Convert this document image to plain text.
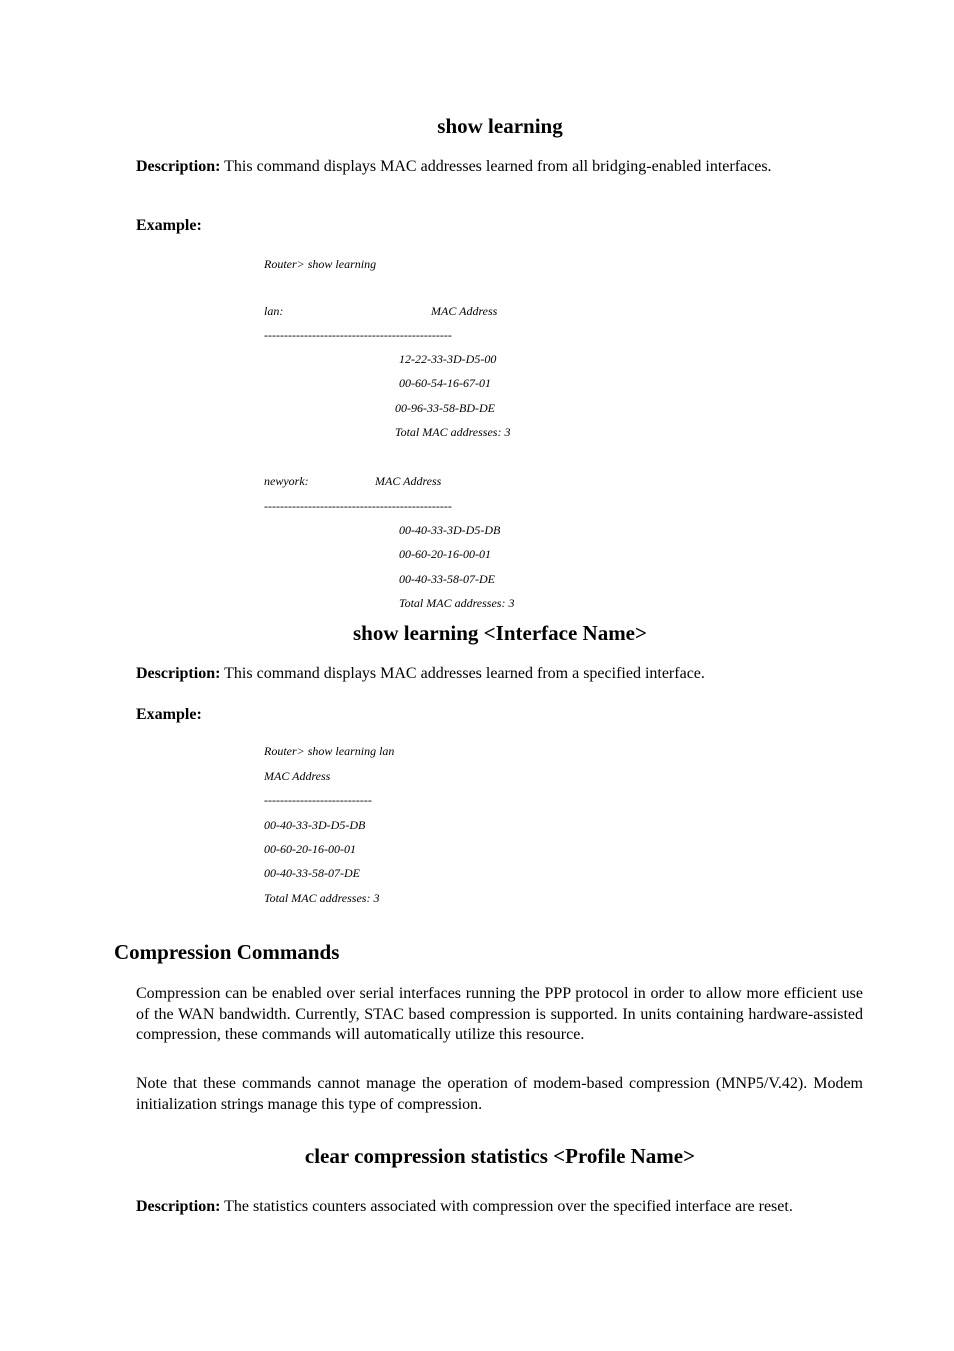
show learning
Description: This command displays MAC addresses learned from all bridging-enabled interfaces.
Example:
Router> show learning
lan:	MAC Address
-----------------------------------------------
12-22-33-3D-D5-00
00-60-54-16-67-01
00-96-33-58-BD-DE
Total MAC addresses: 3
newyork:	MAC Address
-----------------------------------------------
00-40-33-3D-D5-DB
00-60-20-16-00-01
00-40-33-58-07-DE
Total MAC addresses: 3
show learning <Interface Name>
Description: This command displays MAC addresses learned from a specified interface.
Example:
Router> show learning lan
MAC Address
---------------------------
00-40-33-3D-D5-DB
00-60-20-16-00-01
00-40-33-58-07-DE
Total MAC addresses: 3
Compression Commands
Compression can be enabled over serial interfaces running the PPP protocol in order to allow more efficient use of the WAN bandwidth. Currently, STAC based compression is supported. In units containing hardware-assisted compression, these commands will automatically utilize this resource.
Note that these commands cannot manage the operation of modem-based compression (MNP5/V.42). Modem initialization strings manage this type of compression.
clear compression statistics <Profile Name>
Description: The statistics counters associated with compression over the specified interface are reset.
